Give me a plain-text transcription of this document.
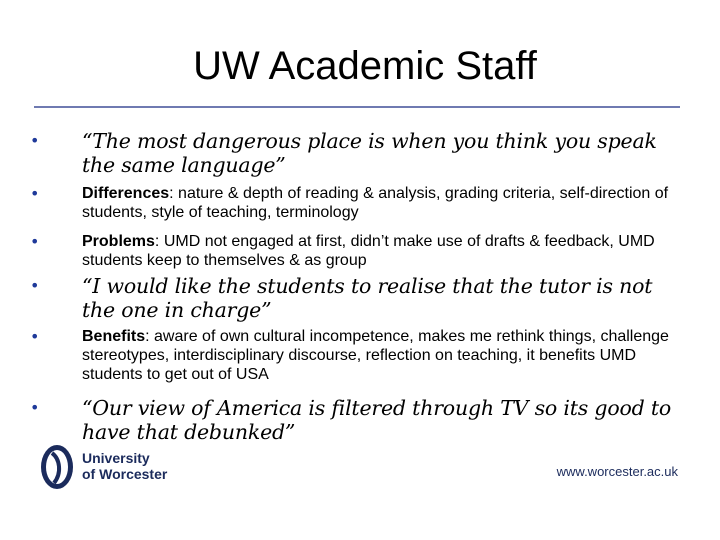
UW Academic Staff
• “The most dangerous place is when you think you speak the same language”
•	Differences: nature & depth of reading & analysis, grading criteria, self-direction of students, style of teaching, terminology
•	Problems: UMD not engaged at first, didn’t make use of drafts & feedback, UMD students keep to themselves & as group
• “I would like the students to realise that the tutor is not the one in charge”
•	Benefits: aware of own cultural incompetence, makes me rethink things, challenge stereotypes, interdisciplinary discourse, reflection on teaching, it benefits UMD students to get out of USA
• “Our view of America is filtered through TV so its good to have that debunked”
University
of Worcester	www.worcester.ac.uk
